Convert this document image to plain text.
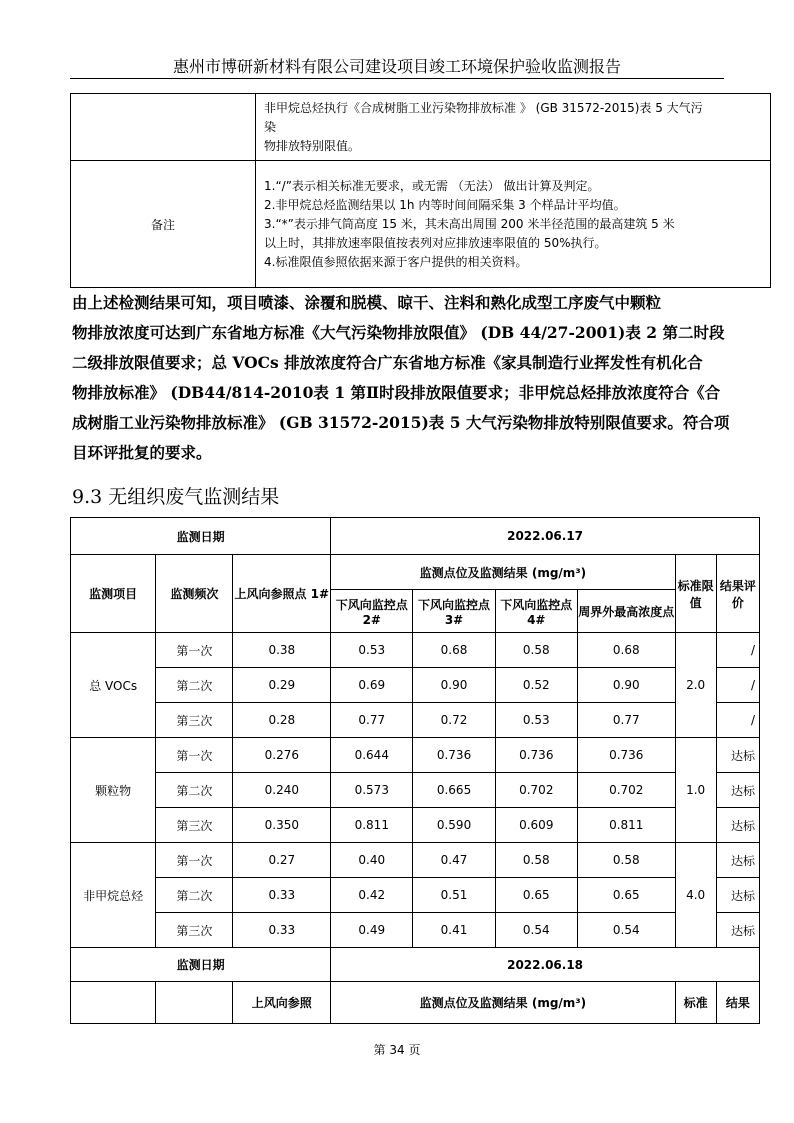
惠州市博研新材料有限公司建设项目竣工环境保护验收监测报告

	非甲烷总烃执行《合成树脂工业污染物排放标准 》 (GB 31572-2015)表 5 大气污
染
物排放特别限值。

备注	1.“/”表示相关标准无要求，或无需 （无法） 做出计算及判定。
2.非甲烷总烃监测结果以 1h 内等时间间隔采集 3 个样品计平均值。
3.“*”表示排气筒高度 15 米，其未高出周围 200 米半径范围的最高建筑 5 米
以上时，其排放速率限值按表列对应排放速率限值的 50%执行。
4.标准限值参照依据来源于客户提供的相关资料。
由上述检测结果可知，项目喷漆、涂覆和脱模、晾干、注料和熟化成型工序废气中颗粒
物排放浓度可达到广东省地方标准《大气污染物排放限值》 (DB 44/27-2001)表 2 第二时段
二级排放限值要求；总 VOCs 排放浓度符合广东省地方标准《家具制造行业挥发性有机化合
物排放标准》 (DB44/814-2010表 1 第Ⅱ时段排放限值要求；非甲烷总烃排放浓度符合《合
成树脂工业污染物排放标准》 (GB 31572-2015)表 5 大气污染物排放特别限值要求。符合项
目环评批复的要求。
9.3 无组织废气监测结果
监测日期			2022.06.17					
监测项目	监测频次	上风向参照点 1#	监测点位及监测结果 (mg/m³)				标准限值	结果评价
			下风向监控点2#	下风向监控点3#	下风向监控点 4#	周界外最高浓度点		
总 VOCs	第一次	0.38	0.53	0.68	0.58	0.68	2.0	/
	第二次	0.29	0.69	0.90	0.52	0.90		/
	第三次	0.28	0.77	0.72	0.53	0.77		/
颗粒物	第一次	0.276	0.644	0.736	0.736	0.736	1.0	达标
	第二次	0.240	0.573	0.665	0.702	0.702		达标
	第三次	0.350	0.811	0.590	0.609	0.811		达标
非甲烷总烃	第一次	0.27	0.40	0.47	0.58	0.58	4.0	达标
	第二次	0.33	0.42	0.51	0.65	0.65		达标
	第三次	0.33	0.49	0.41	0.54	0.54		达标
监测日期			2022.06.18					
		上风向参照	监测点位及监测结果 (mg/m³)				标准	结果
第 34 页
